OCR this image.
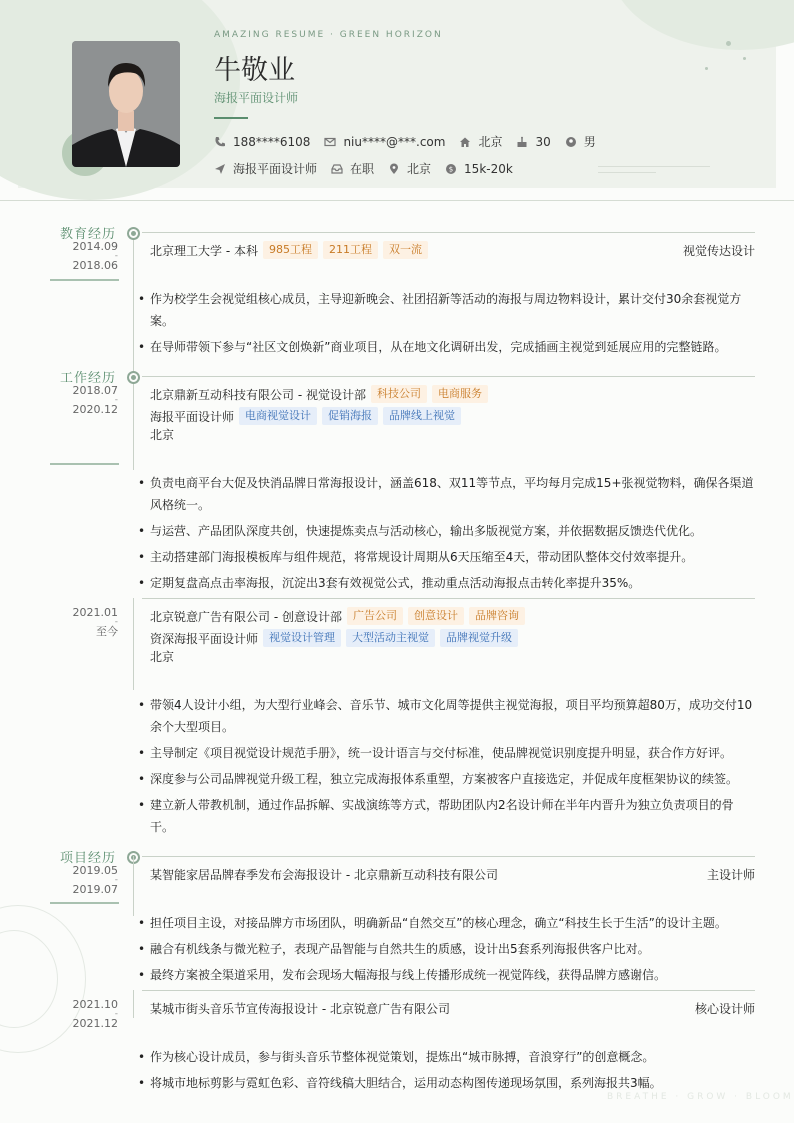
AMAZING RESUME · GREEN HORIZON
牛敬业
海报平面设计师
188****6108	niu****@***.com	北京	30	男
海报平面设计师	在职	北京	$ 15k-20k
教育经历
2014.09
-
2018.06
北京理工大学 - 本科	985工程	211工程	双一流	视觉传达设计
• 作为校学生会视觉组核心成员，主导迎新晚会、社团招新等活动的海报与周边物料设计，累计交付30余套视觉方案。
• 在导师带领下参与“社区文创焕新”商业项目，从在地文化调研出发，完成插画主视觉到延展应用的完整链路。
工作经历
2018.07
-
2020.12
北京鼎新互动科技有限公司 - 视觉设计部	科技公司	电商服务
海报平面设计师	电商视觉设计	促销海报	品牌线上视觉
北京
• 负责电商平台大促及快消品牌日常海报设计，涵盖618、双11等节点，平均每月完成15+张视觉物料，确保各渠道风格统一。
• 与运营、产品团队深度共创，快速提炼卖点与活动核心，输出多版视觉方案，并依据数据反馈迭代优化。
• 主动搭建部门海报模板库与组件规范，将常规设计周期从6天压缩至4天，带动团队整体交付效率提升。
• 定期复盘高点击率海报，沉淀出3套有效视觉公式，推动重点活动海报点击转化率提升35%。
2021.01
-
至今
北京锐意广告有限公司 - 创意设计部	广告公司	创意设计	品牌咨询
资深海报平面设计师	视觉设计管理	大型活动主视觉	品牌视觉升级
北京
• 带领4人设计小组，为大型行业峰会、音乐节、城市文化周等提供主视觉海报，项目平均预算超80万，成功交付10余个大型项目。
• 主导制定《项目视觉设计规范手册》，统一设计语言与交付标准，使品牌视觉识别度提升明显，获合作方好评。
• 深度参与公司品牌视觉升级工程，独立完成海报体系重塑，方案被客户直接选定，并促成年度框架协议的续签。
• 建立新人带教机制，通过作品拆解、实战演练等方式，帮助团队内2名设计师在半年内晋升为独立负责项目的骨干。
项目经历
2019.05
-
2019.07
某智能家居品牌春季发布会海报设计 - 北京鼎新互动科技有限公司	主设计师
• 担任项目主设，对接品牌方市场团队，明确新品“自然交互”的核心理念，确立“科技生长于生活”的设计主题。
• 融合有机线条与微光粒子，表现产品智能与自然共生的质感，设计出5套系列海报供客户比对。
• 最终方案被全渠道采用，发布会现场大幅海报与线上传播形成统一视觉阵线，获得品牌方感谢信。
2021.10
-
2021.12
某城市街头音乐节宣传海报设计 - 北京锐意广告有限公司	核心设计师
• 作为核心设计成员，参与街头音乐节整体视觉策划，提炼出“城市脉搏，音浪穿行”的创意概念。
• 将城市地标剪影与霓虹色彩、音符线稿大胆结合，运用动态构图传递现场氛围，系列海报共3幅。
BREATHE · GROW · BLOOM
